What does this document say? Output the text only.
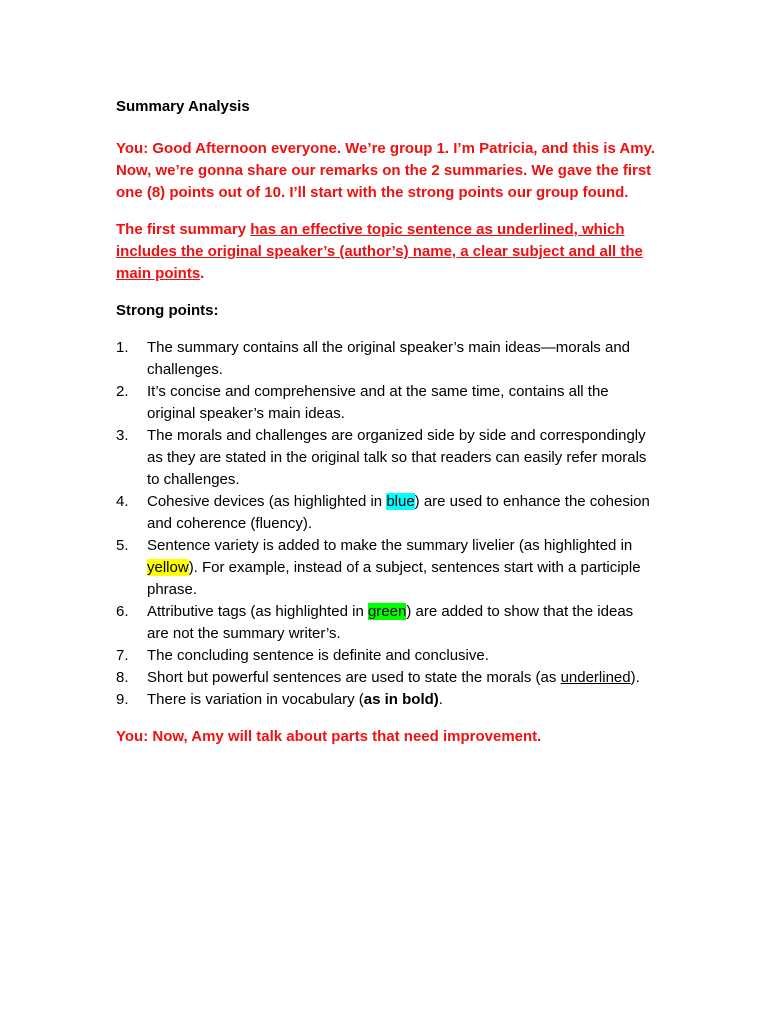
Summary Analysis
You: Good Afternoon everyone. We’re group 1. I’m Patricia, and this is Amy. Now, we’re gonna share our remarks on the 2 summaries. We gave the first one (8) points out of 10. I’ll start with the strong points our group found.
The first summary has an effective topic sentence as underlined, which includes the original speaker’s (author’s) name, a clear subject and all the main points.
Strong points:
1. The summary contains all the original speaker’s main ideas—morals and challenges.
2. It’s concise and comprehensive and at the same time, contains all the original speaker’s main ideas.
3. The morals and challenges are organized side by side and correspondingly as they are stated in the original talk so that readers can easily refer morals to challenges.
4. Cohesive devices (as highlighted in blue) are used to enhance the cohesion and coherence (fluency).
5. Sentence variety is added to make the summary livelier (as highlighted in yellow). For example, instead of a subject, sentences start with a participle phrase.
6. Attributive tags (as highlighted in green) are added to show that the ideas are not the summary writer’s.
7. The concluding sentence is definite and conclusive.
8. Short but powerful sentences are used to state the morals (as underlined).
9. There is variation in vocabulary (as in bold).
You: Now, Amy will talk about parts that need improvement.
